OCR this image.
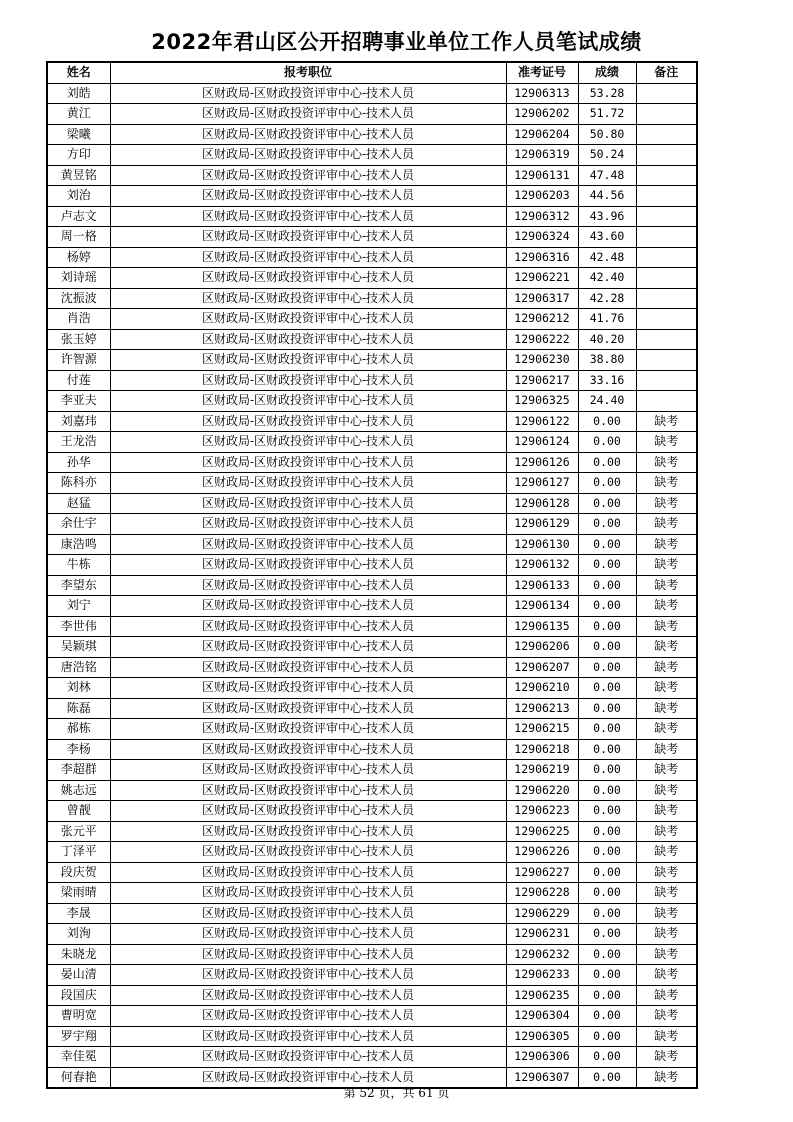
2022年君山区公开招聘事业单位工作人员笔试成绩
姓名	报考职位	准考证号	成绩	备注
刘皓	区财政局-区财政投资评审中心-技术人员	12906313	53.28	
黄江	区财政局-区财政投资评审中心-技术人员	12906202	51.72	
梁曦	区财政局-区财政投资评审中心-技术人员	12906204	50.80	
方印	区财政局-区财政投资评审中心-技术人员	12906319	50.24	
黄昱铭	区财政局-区财政投资评审中心-技术人员	12906131	47.48	
刘治	区财政局-区财政投资评审中心-技术人员	12906203	44.56	
卢志文	区财政局-区财政投资评审中心-技术人员	12906312	43.96	
周一格	区财政局-区财政投资评审中心-技术人员	12906324	43.60	
杨婷	区财政局-区财政投资评审中心-技术人员	12906316	42.48	
刘诗瑶	区财政局-区财政投资评审中心-技术人员	12906221	42.40	
沈振波	区财政局-区财政投资评审中心-技术人员	12906317	42.28	
肖浩	区财政局-区财政投资评审中心-技术人员	12906212	41.76	
张玉婷	区财政局-区财政投资评审中心-技术人员	12906222	40.20	
许智源	区财政局-区财政投资评审中心-技术人员	12906230	38.80	
付莲	区财政局-区财政投资评审中心-技术人员	12906217	33.16	
李亚夫	区财政局-区财政投资评审中心-技术人员	12906325	24.40	
刘嘉玮	区财政局-区财政投资评审中心-技术人员	12906122	0.00	缺考
王龙浩	区财政局-区财政投资评审中心-技术人员	12906124	0.00	缺考
孙华	区财政局-区财政投资评审中心-技术人员	12906126	0.00	缺考
陈科亦	区财政局-区财政投资评审中心-技术人员	12906127	0.00	缺考
赵猛	区财政局-区财政投资评审中心-技术人员	12906128	0.00	缺考
余仕宇	区财政局-区财政投资评审中心-技术人员	12906129	0.00	缺考
康浩鸣	区财政局-区财政投资评审中心-技术人员	12906130	0.00	缺考
牛栋	区财政局-区财政投资评审中心-技术人员	12906132	0.00	缺考
李望东	区财政局-区财政投资评审中心-技术人员	12906133	0.00	缺考
刘宁	区财政局-区财政投资评审中心-技术人员	12906134	0.00	缺考
李世伟	区财政局-区财政投资评审中心-技术人员	12906135	0.00	缺考
吴颖琪	区财政局-区财政投资评审中心-技术人员	12906206	0.00	缺考
唐浩铭	区财政局-区财政投资评审中心-技术人员	12906207	0.00	缺考
刘林	区财政局-区财政投资评审中心-技术人员	12906210	0.00	缺考
陈磊	区财政局-区财政投资评审中心-技术人员	12906213	0.00	缺考
郝栋	区财政局-区财政投资评审中心-技术人员	12906215	0.00	缺考
李杨	区财政局-区财政投资评审中心-技术人员	12906218	0.00	缺考
李超群	区财政局-区财政投资评审中心-技术人员	12906219	0.00	缺考
姚志远	区财政局-区财政投资评审中心-技术人员	12906220	0.00	缺考
曾靓	区财政局-区财政投资评审中心-技术人员	12906223	0.00	缺考
张元平	区财政局-区财政投资评审中心-技术人员	12906225	0.00	缺考
丁泽平	区财政局-区财政投资评审中心-技术人员	12906226	0.00	缺考
段庆贺	区财政局-区财政投资评审中心-技术人员	12906227	0.00	缺考
梁雨晴	区财政局-区财政投资评审中心-技术人员	12906228	0.00	缺考
李晟	区财政局-区财政投资评审中心-技术人员	12906229	0.00	缺考
刘洵	区财政局-区财政投资评审中心-技术人员	12906231	0.00	缺考
朱晓龙	区财政局-区财政投资评审中心-技术人员	12906232	0.00	缺考
晏山清	区财政局-区财政投资评审中心-技术人员	12906233	0.00	缺考
段国庆	区财政局-区财政投资评审中心-技术人员	12906235	0.00	缺考
曹明宽	区财政局-区财政投资评审中心-技术人员	12906304	0.00	缺考
罗宇翔	区财政局-区财政投资评审中心-技术人员	12906305	0.00	缺考
幸佳冕	区财政局-区财政投资评审中心-技术人员	12906306	0.00	缺考
何春艳	区财政局-区财政投资评审中心-技术人员	12906307	0.00	缺考
第 52 页，共 61 页
